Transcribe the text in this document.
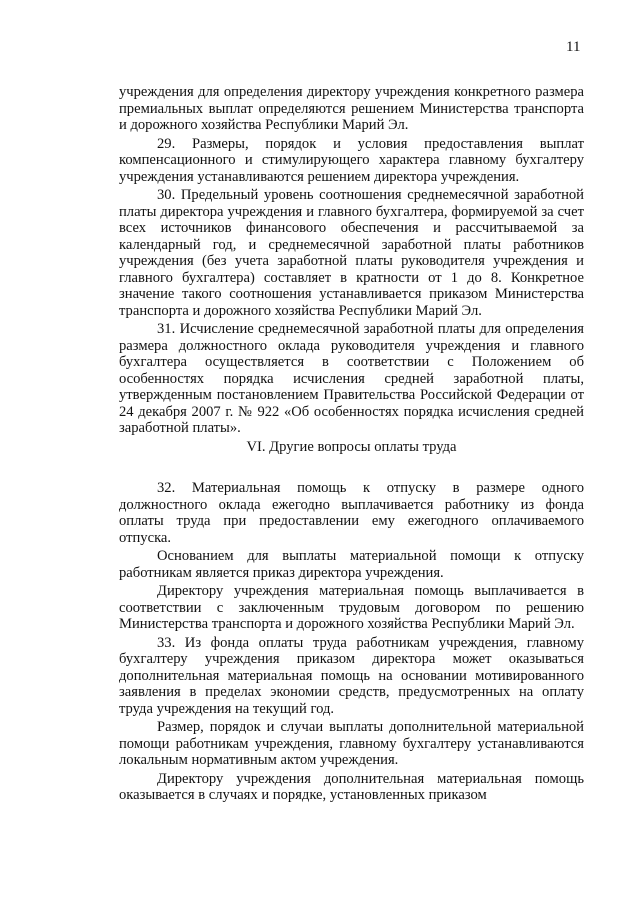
11

учреждения для определения директору учреждения конкретного размера премиальных выплат определяются решением Министерства транспорта и дорожного хозяйства Республики Марий Эл.

29. Размеры, порядок и условия предоставления выплат компенсационного и стимулирующего характера главному бухгалтеру учреждения устанавливаются решением директора учреждения.

30. Предельный уровень соотношения среднемесячной заработной платы директора учреждения и главного бухгалтера, формируемой за счет всех источников финансового обеспечения и рассчитываемой за календарный год, и среднемесячной заработной платы работников учреждения (без учета заработной платы руководителя учреждения и главного бухгалтера) составляет в кратности от 1 до 8. Конкретное значение такого соотношения устанавливается приказом Министерства транспорта и дорожного хозяйства Республики Марий Эл.

31. Исчисление среднемесячной заработной платы для определения размера должностного оклада руководителя учреждения и главного бухгалтера осуществляется в соответствии с Положением об особенностях порядка исчисления средней заработной платы, утвержденным постановлением Правительства Российской Федерации от 24 декабря 2007 г. № 922 «Об особенностях порядка исчисления средней заработной платы».

VI. Другие вопросы оплаты труда

32. Материальная помощь к отпуску в размере одного должностного оклада ежегодно выплачивается работнику из фонда оплаты труда при предоставлении ему ежегодного оплачиваемого отпуска.

Основанием для выплаты материальной помощи к отпуску работникам является приказ директора учреждения.

Директору учреждения материальная помощь выплачивается в соответствии с заключенным трудовым договором по решению Министерства транспорта и дорожного хозяйства Республики Марий Эл.

33. Из фонда оплаты труда работникам учреждения, главному бухгалтеру учреждения приказом директора может оказываться дополнительная материальная помощь на основании мотивированного заявления в пределах экономии средств, предусмотренных на оплату труда учреждения на текущий год.

Размер, порядок и случаи выплаты дополнительной материальной помощи работникам учреждения, главному бухгалтеру устанавливаются локальным нормативным актом учреждения.

Директору учреждения дополнительная материальная помощь оказывается в случаях и порядке, установленных приказом
